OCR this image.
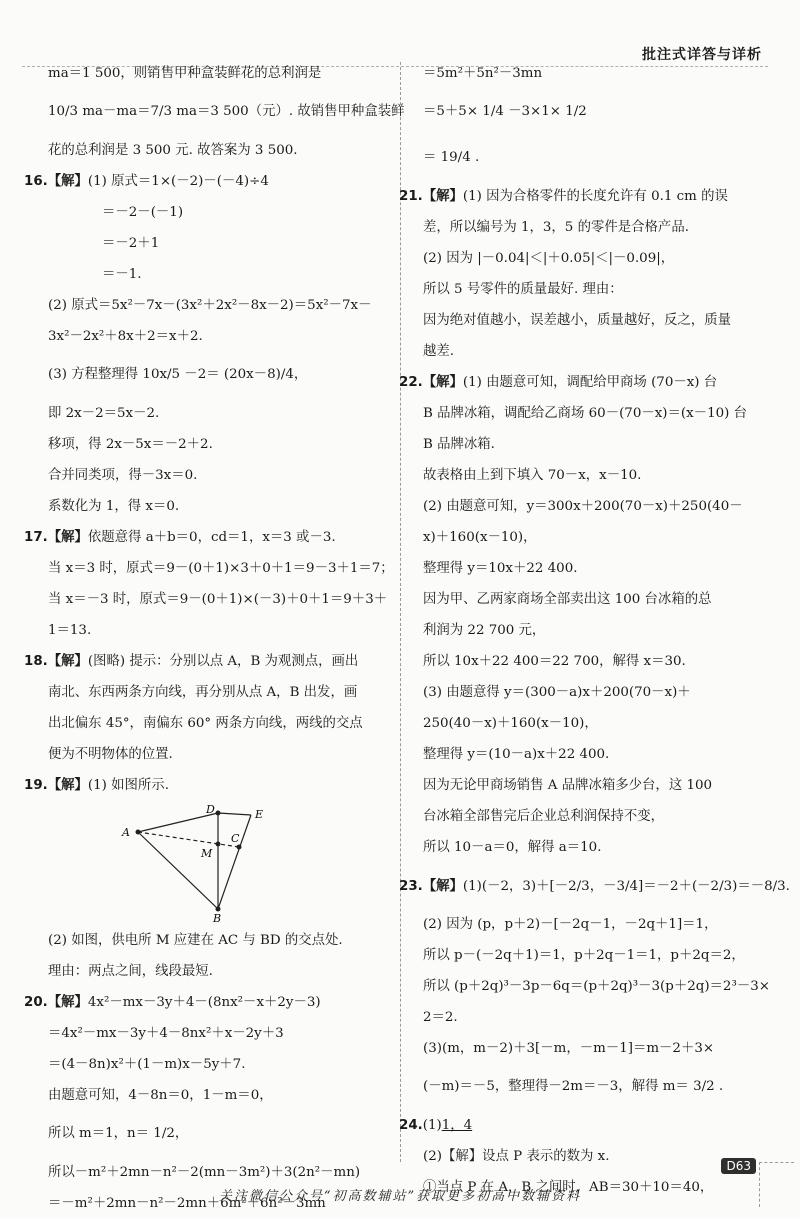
批注式详答与详析
ma＝1 500，则销售甲种盒装鲜花的总利润是
10/3 ma－ma＝7/3 ma＝3 500（元）. 故销售甲种盒装鲜
花的总利润是 3 500 元. 故答案为 3 500.
16.【解】(1) 原式＝1×(－2)－(－4)÷4
＝－2－(－1)
＝－2＋1
＝－1.
(2) 原式＝5x²－7x－(3x²＋2x²－8x－2)＝5x²－7x－
3x²－2x²＋8x＋2＝x＋2.
(3) 方程整理得 10x/5 －2＝ (20x－8)/4，
即 2x－2＝5x－2.
移项，得 2x－5x＝－2＋2.
合并同类项，得－3x＝0.
系数化为 1，得 x＝0.
17.【解】依题意得 a＋b＝0，cd＝1，x＝3 或－3.
当 x＝3 时，原式＝9－(0＋1)×3＋0＋1＝9－3＋1＝7；
当 x＝－3 时，原式＝9－(0＋1)×(－3)＋0＋1＝9＋3＋
1＝13.
18.【解】(图略) 提示：分别以点 A，B 为观测点，画出
南北、东西两条方向线，再分别从点 A，B 出发，画
出北偏东 45°，南偏东 60° 两条方向线，两线的交点
便为不明物体的位置.
19.【解】(1) 如图所示.
A
D	E
C
M
B
(2) 如图，供电所 M 应建在 AC 与 BD 的交点处.
理由：两点之间，线段最短.
20.【解】4x²－mx－3y＋4－(8nx²－x＋2y－3)
＝4x²－mx－3y＋4－8nx²＋x－2y＋3
＝(4－8n)x²＋(1－m)x－5y＋7.
由题意可知，4－8n＝0，1－m＝0，
所以 m＝1，n＝ 1/2，
所以－m²＋2mn－n²－2(mn－3m²)＋3(2n²－mn)
＝－m²＋2mn－n²－2mn＋6m²＋6n²－3mn
＝5m²＋5n²－3mn
＝5＋5× 1/4 －3×1× 1/2
＝ 19/4 .
21.【解】(1) 因为合格零件的长度允许有 0.1 cm 的误
差，所以编号为 1，3，5 的零件是合格产品.
(2) 因为 |－0.04|＜|＋0.05|＜|－0.09|，
所以 5 号零件的质量最好. 理由：
因为绝对值越小，误差越小，质量越好，反之，质量
越差.
22.【解】(1) 由题意可知，调配给甲商场 (70－x) 台
B 品牌冰箱，调配给乙商场 60－(70－x)＝(x－10) 台
B 品牌冰箱.
故表格由上到下填入 70－x，x－10.
(2) 由题意可知，y＝300x＋200(70－x)＋250(40－
x)＋160(x－10)，
整理得 y＝10x＋22 400.
因为甲、乙两家商场全部卖出这 100 台冰箱的总
利润为 22 700 元，
所以 10x＋22 400＝22 700，解得 x＝30.
(3) 由题意得 y＝(300－a)x＋200(70－x)＋
250(40－x)＋160(x－10)，
整理得 y＝(10－a)x＋22 400.
因为无论甲商场销售 A 品牌冰箱多少台，这 100
台冰箱全部售完后企业总利润保持不变，
所以 10－a＝0，解得 a＝10.
23.【解】(1)(－2，3)＋[－2/3，－3/4]＝－2＋(－2/3)＝－8/3.
(2) 因为 (p，p＋2)－[－2q－1，－2q＋1]＝1，
所以 p－(－2q＋1)＝1，p＋2q－1＝1，p＋2q＝2，
所以 (p＋2q)³－3p－6q＝(p＋2q)³－3(p＋2q)＝2³－3×
2＝2.
(3)(m，m－2)＋3[－m，－m－1]＝m－2＋3×
(－m)＝－5，整理得－2m＝－3，解得 m＝ 3/2 .
24.(1)1，4
(2)【解】设点 P 表示的数为 x.
①当点 P 在 A，B 之间时，AB＝30＋10＝40，
D63
关注微信公众号“初高数辅站”获取更多初高中数辅资料
